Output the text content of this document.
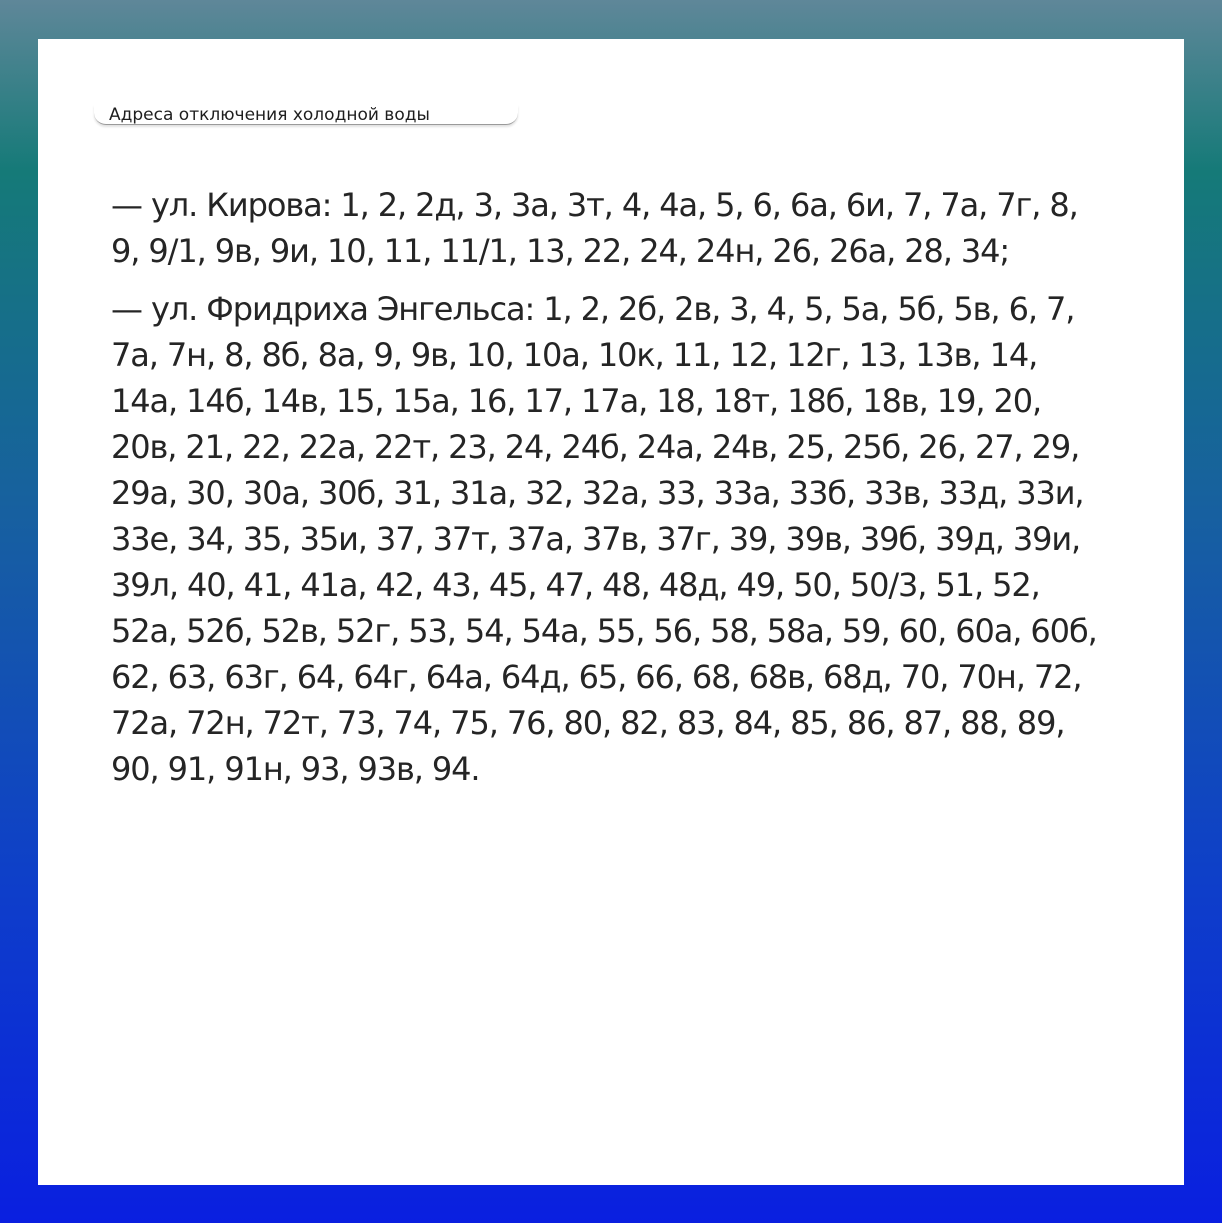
Адреса отключения холодной воды

— ул. Кирова: 1, 2, 2д, 3, 3а, 3т, 4, 4а, 5, 6, 6а, 6и, 7, 7а, 7г, 8, 9, 9/1, 9в, 9и, 10, 11, 11/1, 13, 22, 24, 24н, 26, 26а, 28, 34;

— ул. Фридриха Энгельса: 1, 2, 2б, 2в, 3, 4, 5, 5а, 5б, 5в, 6, 7, 7а, 7н, 8, 8б, 8а, 9, 9в, 10, 10а, 10к, 11, 12, 12г, 13, 13в, 14, 14а, 14б, 14в, 15, 15а, 16, 17, 17а, 18, 18т, 18б, 18в, 19, 20, 20в, 21, 22, 22а, 22т, 23, 24, 24б, 24а, 24в, 25, 25б, 26, 27, 29, 29а, 30, 30а, 30б, 31, 31а, 32, 32а, 33, 33а, 33б, 33в, 33д, 33и, 33е, 34, 35, 35и, 37, 37т, 37а, 37в, 37г, 39, 39в, 39б, 39д, 39и, 39л, 40, 41, 41а, 42, 43, 45, 47, 48, 48д, 49, 50, 50/3, 51, 52, 52а, 52б, 52в, 52г, 53, 54, 54а, 55, 56, 58, 58а, 59, 60, 60а, 60б, 62, 63, 63г, 64, 64г, 64а, 64д, 65, 66, 68, 68в, 68д, 70, 70н, 72, 72а, 72н, 72т, 73, 74, 75, 76, 80, 82, 83, 84, 85, 86, 87, 88, 89, 90, 91, 91н, 93, 93в, 94.
